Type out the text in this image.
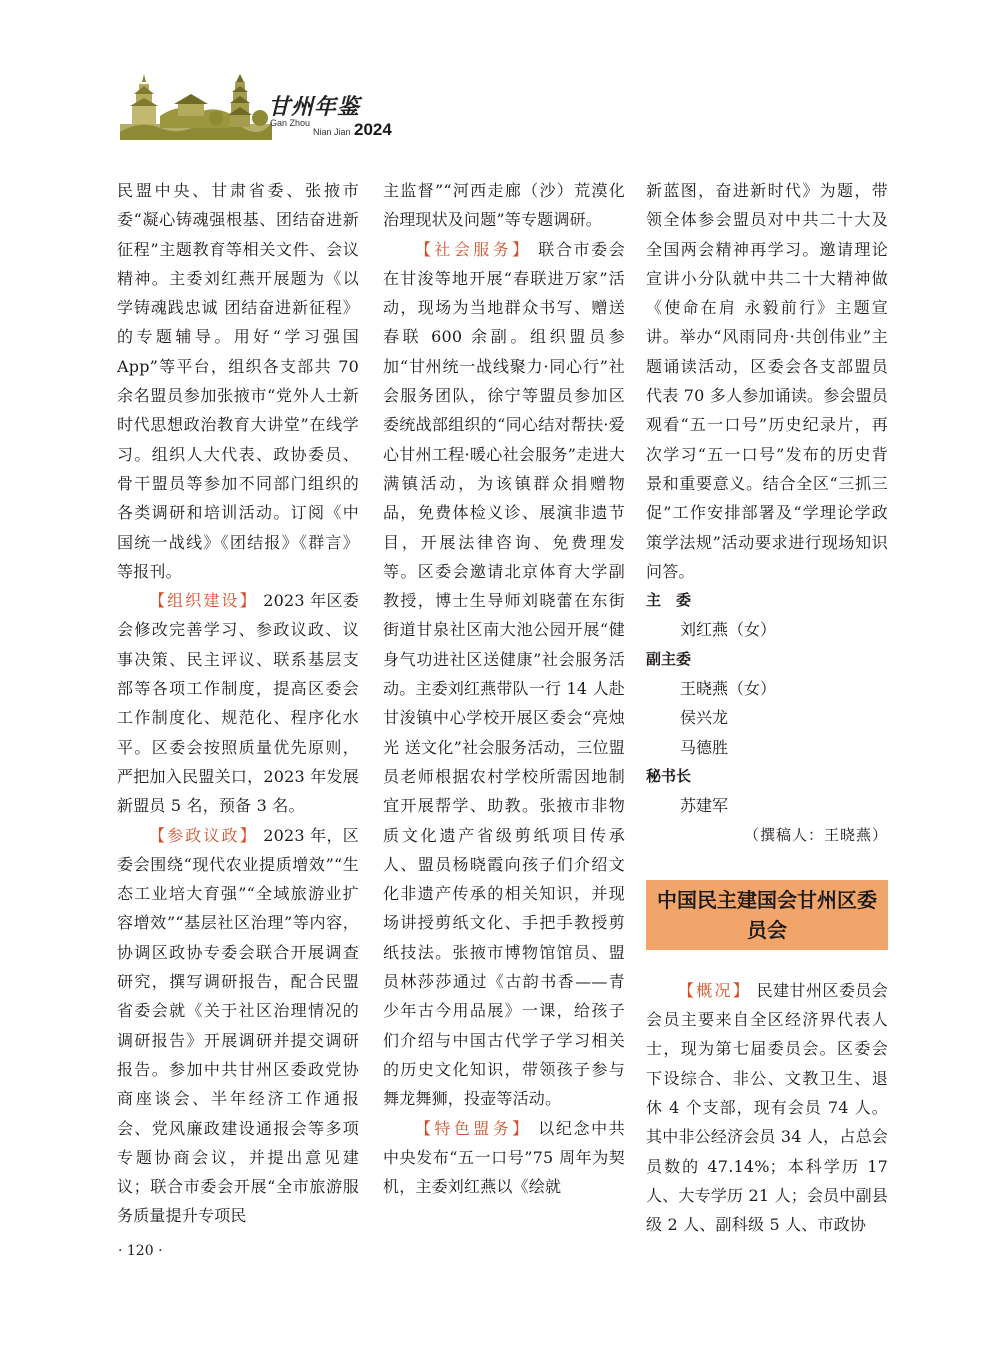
甘州年鉴
Gan Zhou
Nian Jian 2024

民盟中央、甘肃省委、张掖市委“凝心铸魂强根基、团结奋进新征程”主题教育等相关文件、会议精神。主委刘红燕开展题为《以学铸魂践忠诚 团结奋进新征程》的专题辅导。用好“学习强国App”等平台，组织各支部共 70 余名盟员参加张掖市“党外人士新时代思想政治教育大讲堂”在线学习。组织人大代表、政协委员、骨干盟员等参加不同部门组织的各类调研和培训活动。订阅《中国统一战线》《团结报》《群言》等报刊。

【组织建设】 2023 年区委会修改完善学习、参政议政、议事决策、民主评议、联系基层支部等各项工作制度，提高区委会工作制度化、规范化、程序化水平。区委会按照质量优先原则，严把加入民盟关口，2023 年发展新盟员 5 名，预备 3 名。

【参政议政】 2023 年，区委会围绕“现代农业提质增效”“生态工业培大育强”“全域旅游业扩容增效”“基层社区治理”等内容，协调区政协专委会联合开展调查研究，撰写调研报告，配合民盟省委会就《关于社区治理情况的调研报告》开展调研并提交调研报告。参加中共甘州区委政党协商座谈会、半年经济工作通报会、党风廉政建设通报会等多项专题协商会议，并提出意见建议；联合市委会开展“全市旅游服务质量提升专项民

主监督”“河西走廊（沙）荒漠化治理现状及问题”等专题调研。

【社会服务】 联合市委会在甘浚等地开展“春联进万家”活动，现场为当地群众书写、赠送春联 600 余副。组织盟员参加“甘州统一战线聚力·同心行”社会服务团队，徐宁等盟员参加区委统战部组织的“同心结对帮扶·爱心甘州工程·暖心社会服务”走进大满镇活动，为该镇群众捐赠物品，免费体检义诊、展演非遗节目，开展法律咨询、免费理发等。区委会邀请北京体育大学副教授，博士生导师刘晓蕾在东街街道甘泉社区南大池公园开展“健身气功进社区送健康”社会服务活动。主委刘红燕带队一行 14 人赴甘浚镇中心学校开展区委会“亮烛光 送文化”社会服务活动，三位盟员老师根据农村学校所需因地制宜开展帮学、助教。张掖市非物质文化遗产省级剪纸项目传承人、盟员杨晓霞向孩子们介绍文化非遗产传承的相关知识，并现场讲授剪纸文化、手把手教授剪纸技法。张掖市博物馆馆员、盟员林莎莎通过《古韵书香——青少年古今用品展》一课，给孩子们介绍与中国古代学子学习相关的历史文化知识，带领孩子参与舞龙舞狮，投壶等活动。

【特色盟务】 以纪念中共中央发布“五一口号”75 周年为契机，主委刘红燕以《绘就

新蓝图，奋进新时代》为题，带领全体参会盟员对中共二十大及全国两会精神再学习。邀请理论宣讲小分队就中共二十大精神做《使命在肩 永毅前行》主题宣讲。举办“风雨同舟·共创伟业”主题诵读活动，区委会各支部盟员代表 70 多人参加诵读。参会盟员观看“五一口号”历史纪录片，再次学习“五一口号”发布的历史背景和重要意义。结合全区“三抓三促”工作安排部署及“学理论学政策学法规”活动要求进行现场知识问答。

主　委
刘红燕（女）
副主委
王晓燕（女）
侯兴龙
马德胜
秘书长
苏建军
（撰稿人：王晓燕）
中国民主建国会甘州区委员会

【概况】 民建甘州区委员会会员主要来自全区经济界代表人士，现为第七届委员会。区委会下设综合、非公、文教卫生、退休 4 个支部，现有会员 74 人。其中非公经济会员 34 人，占总会员数的 47.14%；本科学历 17 人、大专学历 21 人；会员中副县级 2 人、副科级 5 人、市政协

· 120 ·
